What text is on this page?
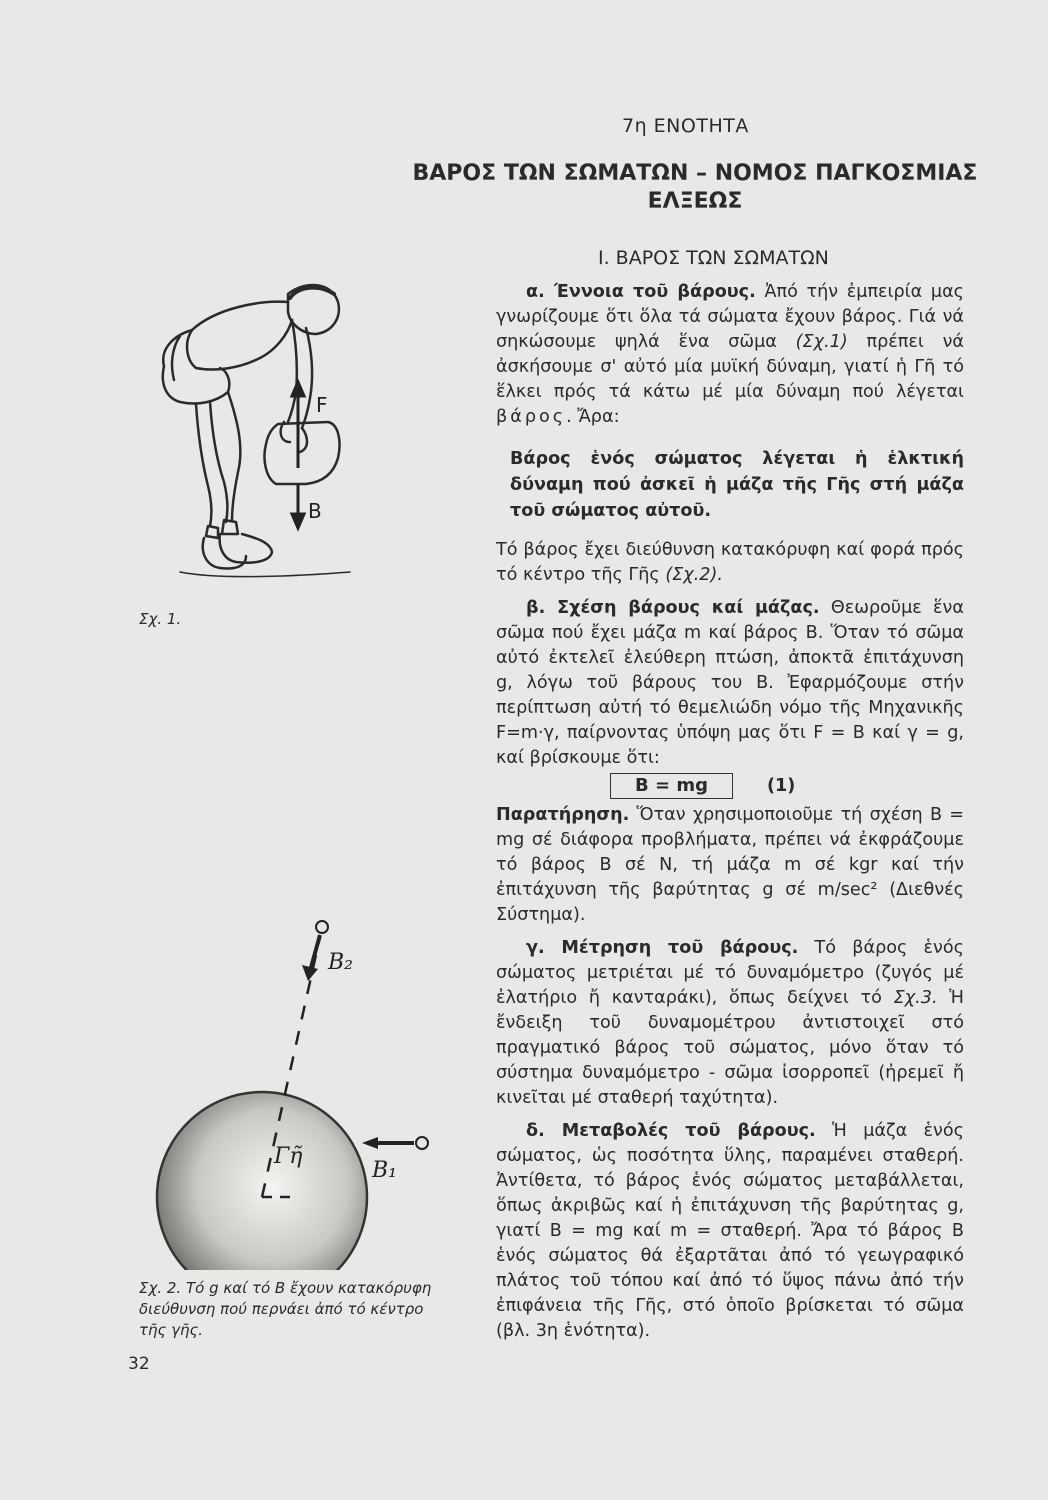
7η ΕΝΟΤΗΤΑ
ΒΑΡΟΣ ΤΩΝ ΣΩΜΑΤΩΝ – ΝΟΜΟΣ ΠΑΓΚΟΣΜΙΑΣ
ΕΛΞΕΩΣ
Ι. ΒΑΡΟΣ ΤΩΝ ΣΩΜΑΤΩΝ

α. Έννοια τοῦ βάρους. Ἀπό τήν ἐμπειρία μας γνωρίζουμε ὅτι ὅλα τά σώματα ἔχουν βάρος. Γιά νά σηκώσουμε ψηλά ἕνα σῶμα (Σχ.1) πρέπει νά ἀσκήσουμε σ' αὐτό μία μυϊκή δύναμη, γιατί ἡ Γῆ τό ἕλκει πρός τά κάτω μέ μία δύναμη πού λέγεται βάρος. Ἄρα:

Βάρος ἑνός σώματος λέγεται ἡ ἑλκτική δύναμη πού ἀσκεῖ ἡ μάζα τῆς Γῆς στή μάζα τοῦ σώματος αὐτοῦ.

Τό βάρος ἔχει διεύθυνση κατακόρυφη καί φορά πρός τό κέντρο τῆς Γῆς (Σχ.2).

β. Σχέση βάρους καί μάζας. Θεωροῦμε ἕνα σῶμα πού ἔχει μάζα m καί βάρος Β. Ὅταν τό σῶμα αὐτό ἐκτελεῖ ἐλεύθερη πτώση, ἀποκτᾶ ἐπιτάχυνση g, λόγω τοῦ βάρους του Β. Ἐφαρμόζουμε στήν περίπτωση αὐτή τό θεμελιώδη νόμο τῆς Μηχανικῆς F=m·γ, παίρνοντας ὑπόψη μας ὅτι F = B καί γ = g, καί βρίσκουμε ὅτι:

B = mg	(1)

Παρατήρηση. Ὅταν χρησιμοποιοῦμε τή σχέση B = mg σέ διάφορα προβλήματα, πρέπει νά ἐκφράζουμε τό βάρος Β σέ N, τή μάζα m σέ kgr καί τήν ἐπιτάχυνση τῆς βαρύτητας g σέ m/sec² (Διεθνές Σύστημα).

γ. Μέτρηση τοῦ βάρους. Τό βάρος ἑνός σώματος μετριέται μέ τό δυναμόμετρο (ζυγός μέ ἐλατήριο ἤ κανταράκι), ὅπως δείχνει τό Σχ.3. Ἡ ἔνδειξη τοῦ δυναμομέτρου ἀντιστοιχεῖ στό πραγματικό βάρος τοῦ σώματος, μόνο ὅταν τό σύστημα δυναμόμετρο - σῶμα ἰσορροπεῖ (ἠρεμεῖ ἤ κινεῖται μέ σταθερή ταχύτητα).

δ. Μεταβολές τοῦ βάρους. Ἡ μάζα ἑνός σώματος, ὡς ποσότητα ὕλης, παραμένει σταθερή. Ἀντίθετα, τό βάρος ἑνός σώματος μεταβάλλεται, ὅπως ἀκριβῶς καί ἡ ἐπιτάχυνση τῆς βαρύτητας g, γιατί B = mg καί m = σταθερή. Ἄρα τό βάρος Β ἑνός σώματος θά ἐξαρτᾶται ἀπό τό γεωγραφικό πλάτος τοῦ τόπου καί ἀπό τό ὕψος πάνω ἀπό τήν ἐπιφάνεια τῆς Γῆς, στό ὁποῖο βρίσκεται τό σῶμα (βλ. 3η ἑνότητα).

F
B
Σχ. 1.
B₂
B₁
Γῆ
Σχ. 2. Τό g καί τό Β ἔχουν κατακόρυφη διεύθυνση πού περνάει ἀπό τό κέντρο τῆς γῆς.
32
